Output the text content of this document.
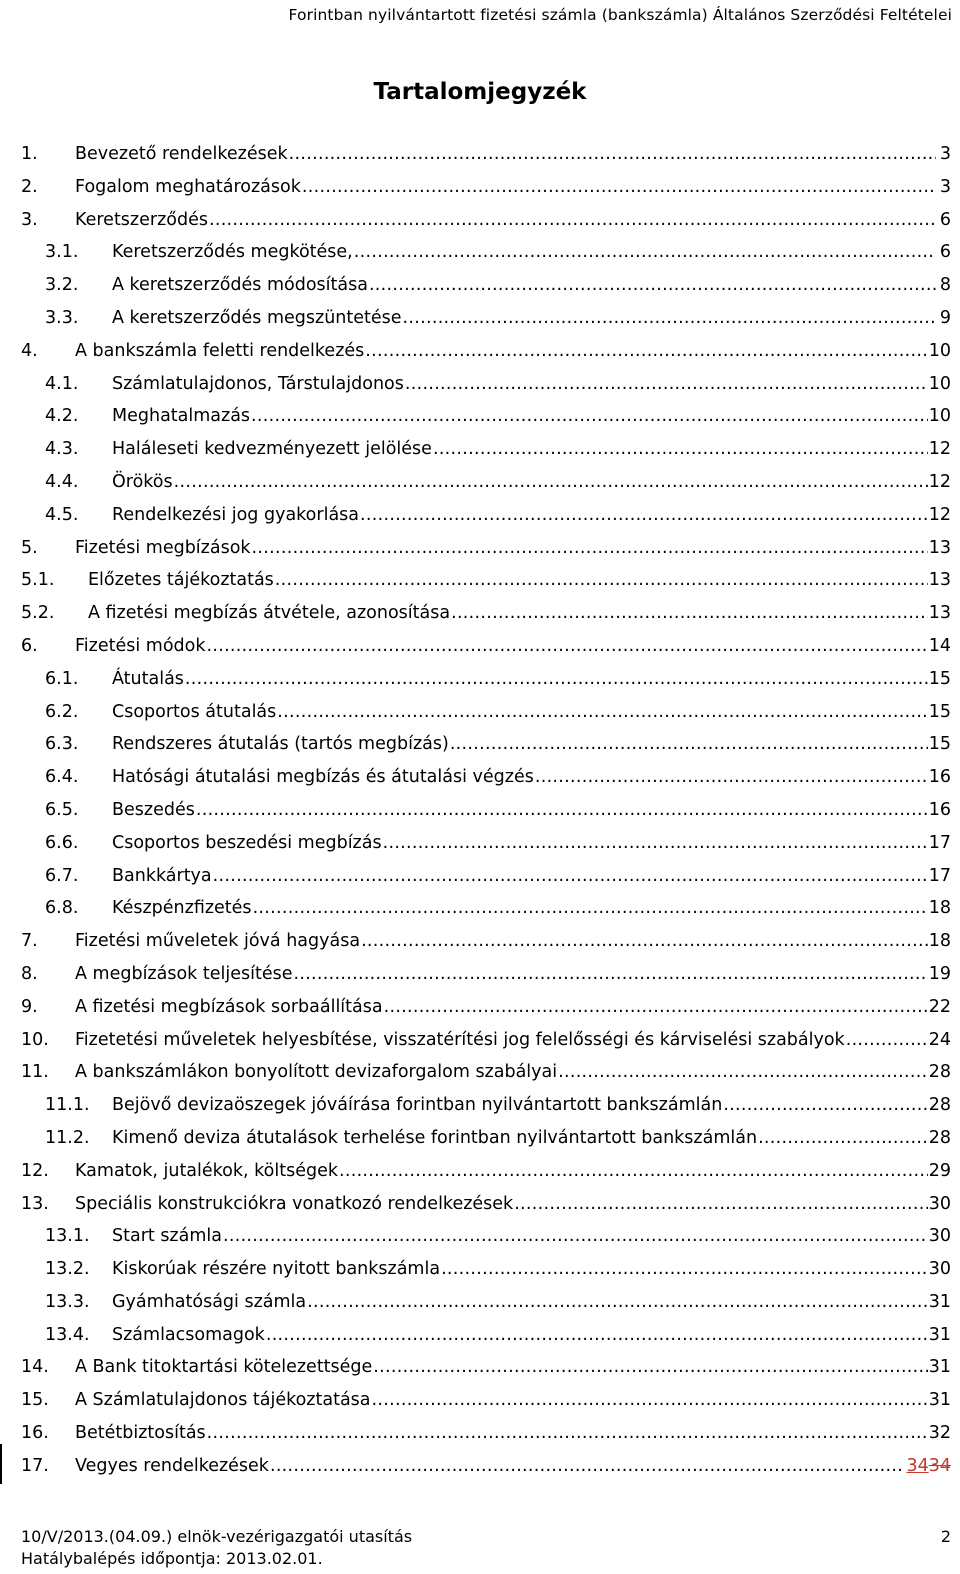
Forintban nyilvántartott fizetési számla (bankszámla) Általános Szerződési Feltételei
Tartalomjegyzék
1. Bevezető rendelkezések .....	3
2. Fogalom meghatározások .....	3
3. Keretszerződés .....	6
3.1. Keretszerződés megkötése, .....	6
3.2. A keretszerződés módosítása .....	8
3.3. A keretszerződés megszüntetése .....	9
4. A bankszámla feletti rendelkezés .....	10
4.1. Számlatulajdonos, Társtulajdonos .....	10
4.2. Meghatalmazás .....	10
4.3. Haláleseti kedvezményezett jelölése .....	12
4.4. Örökös .....	12
4.5. Rendelkezési jog gyakorlása .....	12
5. Fizetési megbízások .....	13
5.1. Előzetes tájékoztatás .....	13
5.2. A fizetési megbízás átvétele, azonosítása .....	13
6. Fizetési módok .....	14
6.1. Átutalás .....	15
6.2. Csoportos átutalás .....	15
6.3. Rendszeres átutalás (tartós megbízás) .....	15
6.4. Hatósági átutalási megbízás és átutalási végzés .....	16
6.5. Beszedés .....	16
6.6. Csoportos beszedési megbízás .....	17
6.7. Bankkártya .....	17
6.8. Készpénzfizetés .....	18
7. Fizetési műveletek jóvá hagyása .....	18
8. A megbízások teljesítése .....	19
9. A fizetési megbízások sorbaállítása .....	22
10. Fizetetési műveletek helyesbítése, visszatérítési jog felelősségi és kárviselési szabályok .....	24
11. A bankszámlákon bonyolított devizaforgalom szabályai .....	28
11.1. Bejövő devizaöszegek jóváírása forintban nyilvántartott bankszámlán .....	28
11.2. Kimenő deviza átutalások terhelése forintban nyilvántartott bankszámlán .....	28
12. Kamatok, jutalékok, költségek .....	29
13. Speciális konstrukciókra vonatkozó rendelkezések .....	30
13.1. Start számla .....	30
13.2. Kiskorúak részére nyitott bankszámla .....	30
13.3. Gyámhatósági számla .....	31
13.4. Számlacsomagok .....	31
14. A Bank titoktartási kötelezettsége .....	31
15. A Számlatulajdonos tájékoztatása .....	31
16. Betétbiztosítás .....	32
17. Vegyes rendelkezések .....	3434
10/V/2013.(04.09.) elnök-vezérigazgatói utasítás
Hatálybalépés időpontja: 2013.02.01.
2
